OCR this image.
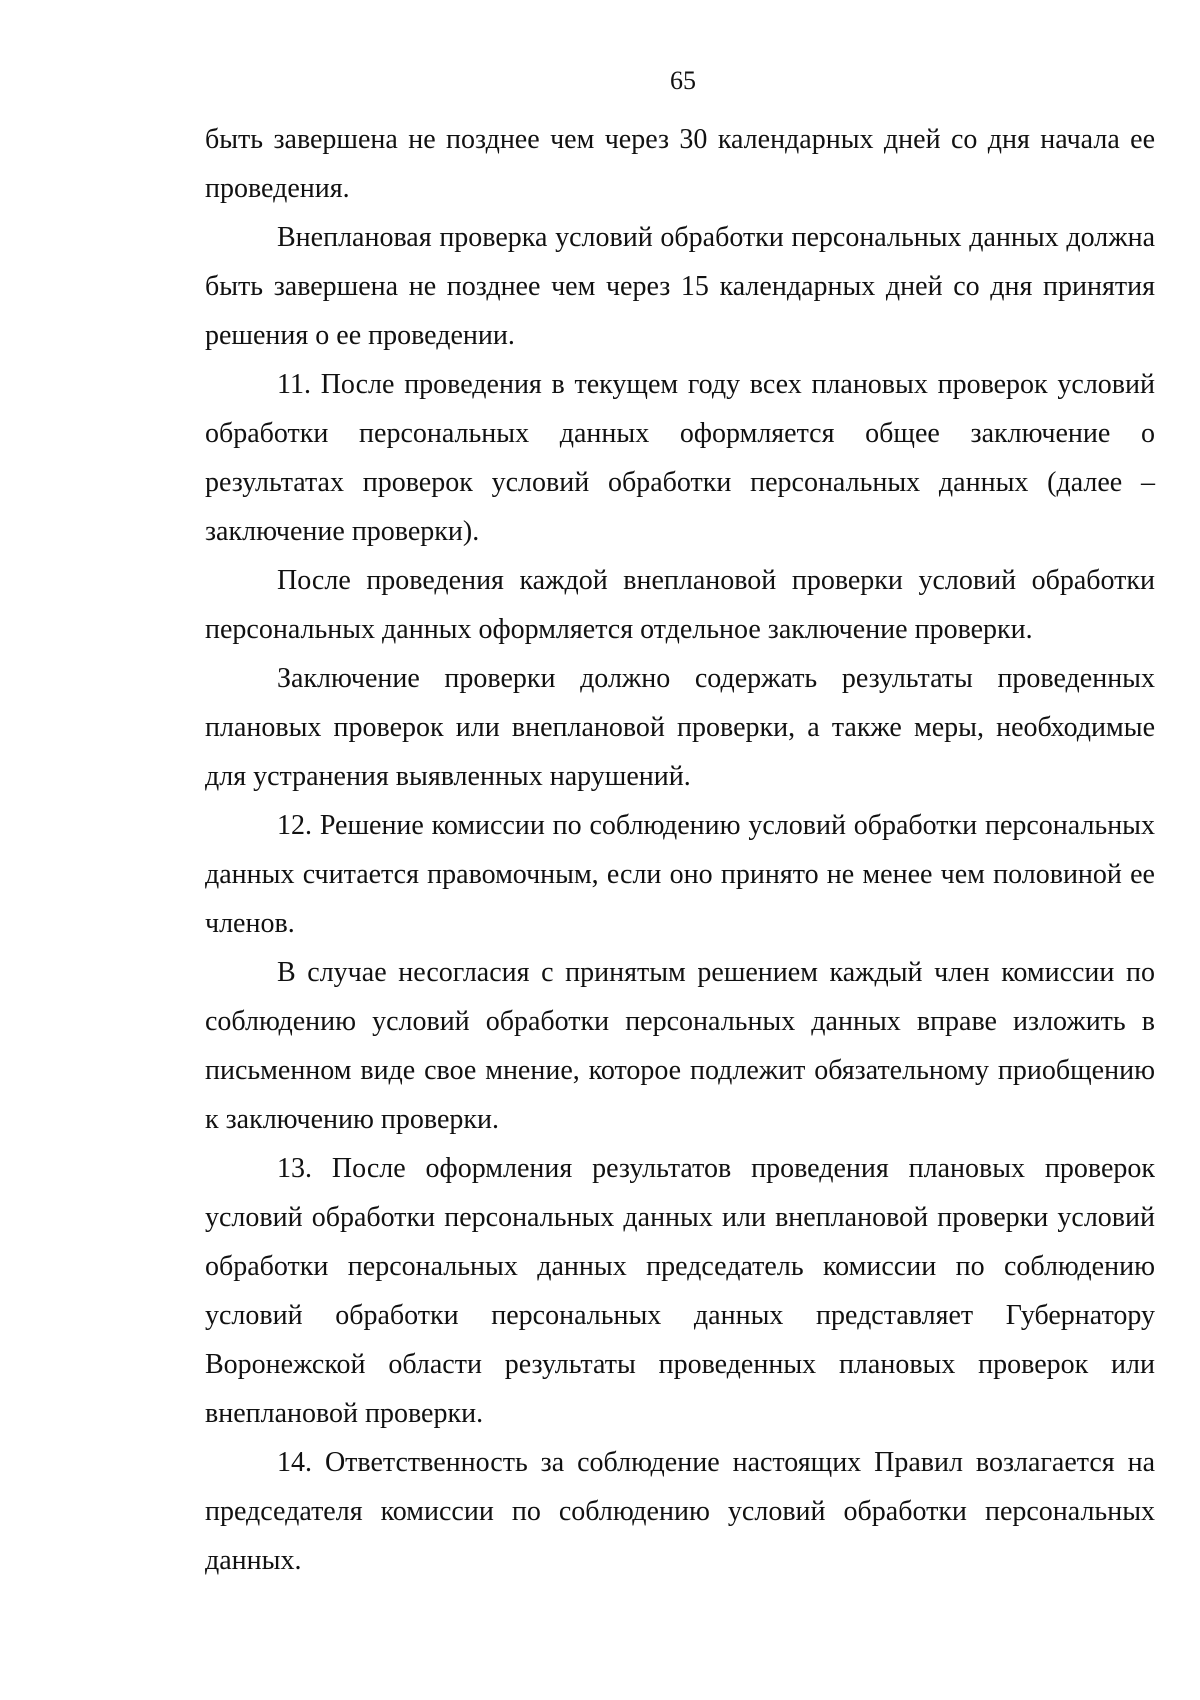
65

быть завершена не позднее чем через 30 календарных дней со дня начала ее проведения.

Внеплановая проверка условий обработки персональных данных должна быть завершена не позднее чем через 15 календарных дней со дня принятия решения о ее проведении.

11. После проведения в текущем году всех плановых проверок условий обработки персональных данных оформляется общее заключение о результатах проверок условий обработки персональных данных (далее – заключение проверки).

После проведения каждой внеплановой проверки условий обработки персональных данных оформляется отдельное заключение проверки.

Заключение проверки должно содержать результаты проведенных плановых проверок или внеплановой проверки, а также меры, необходимые для устранения выявленных нарушений.

12. Решение комиссии по соблюдению условий обработки персональных данных считается правомочным, если оно принято не менее чем половиной ее членов.

В случае несогласия с принятым решением каждый член комиссии по соблюдению условий обработки персональных данных вправе изложить в письменном виде свое мнение, которое подлежит обязательному приобщению к заключению проверки.

13. После оформления результатов проведения плановых проверок условий обработки персональных данных или внеплановой проверки условий обработки персональных данных председатель комиссии по соблюдению условий обработки персональных данных представляет Губернатору Воронежской области результаты проведенных плановых проверок или внеплановой проверки.

14. Ответственность за соблюдение настоящих Правил возлагается на председателя комиссии по соблюдению условий обработки персональных данных.
